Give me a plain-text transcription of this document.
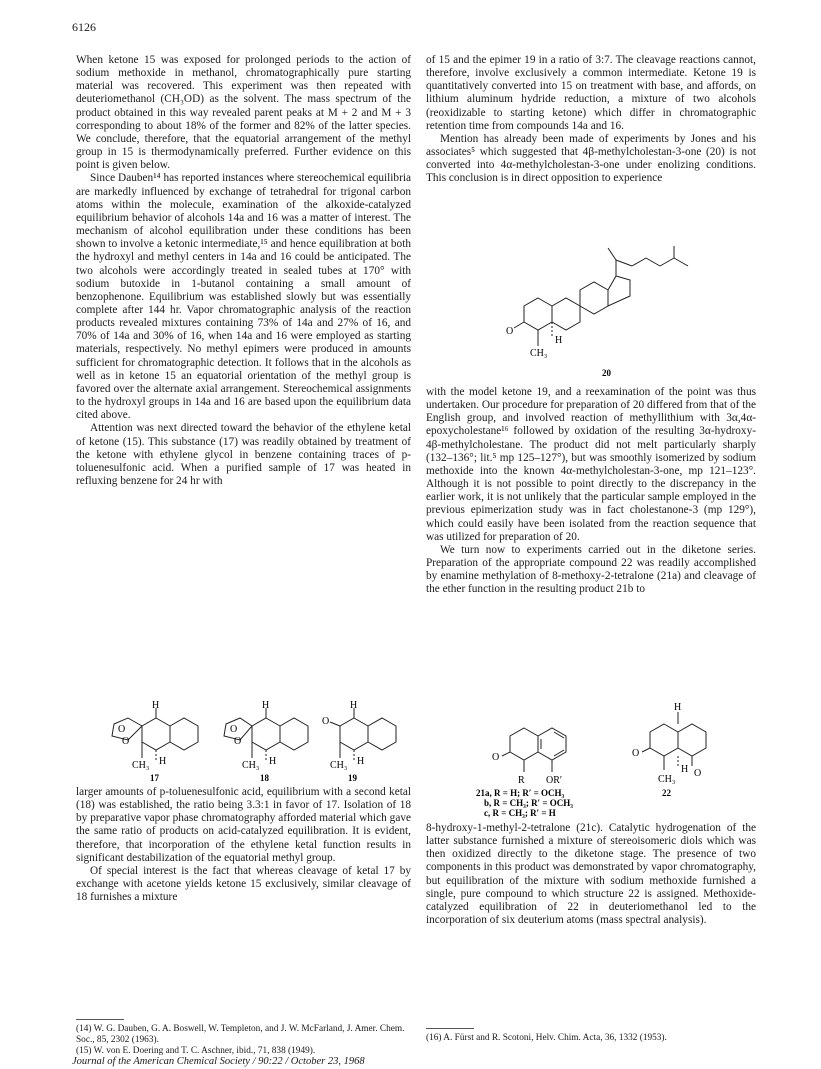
6126

When ketone 15 was exposed for prolonged periods to the action of sodium methoxide in methanol, chromatographically pure starting material was recovered. This experiment was then repeated with deuteriomethanol (CH₃OD) as the solvent. The mass spectrum of the product obtained in this way revealed parent peaks at M + 2 and M + 3 corresponding to about 18% of the former and 82% of the latter species. We conclude, therefore, that the equatorial arrangement of the methyl group in 15 is thermodynamically preferred. Further evidence on this point is given below.

Since Dauben¹⁴ has reported instances where stereochemical equilibria are markedly influenced by exchange of tetrahedral for trigonal carbon atoms within the molecule, examination of the alkoxide-catalyzed equilibrium behavior of alcohols 14a and 16 was a matter of interest. The mechanism of alcohol equilibration under these conditions has been shown to involve a ketonic intermediate,¹⁵ and hence equilibration at both the hydroxyl and methyl centers in 14a and 16 could be anticipated. The two alcohols were accordingly treated in sealed tubes at 170° with sodium butoxide in 1-butanol containing a small amount of benzophenone. Equilibrium was established slowly but was essentially complete after 144 hr. Vapor chromatographic analysis of the reaction products revealed mixtures containing 73% of 14a and 27% of 16, and 70% of 14a and 30% of 16, when 14a and 16 were employed as starting materials, respectively. No methyl epimers were produced in amounts sufficient for chromatographic detection. It follows that in the alcohols as well as in ketone 15 an equatorial orientation of the methyl group is favored over the alternate axial arrangement. Stereochemical assignments to the hydroxyl groups in 14a and 16 are based upon the equilibrium data cited above.

Attention was next directed toward the behavior of the ethylene ketal of ketone (15). This substance (17) was readily obtained by treatment of the ketone with ethylene glycol in benzene containing traces of p-toluenesulfonic acid. When a purified sample of 17 was heated in refluxing benzene for 24 hr with

H
H
CH₃
O
O
17
H
H
CH₃
O
O
18
H
H
CH₃
O
19

larger amounts of p-toluenesulfonic acid, equilibrium with a second ketal (18) was established, the ratio being 3.3:1 in favor of 17. Isolation of 18 by preparative vapor phase chromatography afforded material which gave the same ratio of products on acid-catalyzed equilibration. It is evident, therefore, that incorporation of the ethylene ketal function results in significant destabilization of the equatorial methyl group.

Of special interest is the fact that whereas cleavage of ketal 17 by exchange with acetone yields ketone 15 exclusively, similar cleavage of 18 furnishes a mixture

(14) W. G. Dauben, G. A. Boswell, W. Templeton, and J. W. McFarland, J. Amer. Chem. Soc., 85, 2302 (1963).
(15) W. von E. Doering and T. C. Aschner, ibid., 71, 838 (1949).

of 15 and the epimer 19 in a ratio of 3:7. The cleavage reactions cannot, therefore, involve exclusively a common intermediate. Ketone 19 is quantitatively converted into 15 on treatment with base, and affords, on lithium aluminum hydride reduction, a mixture of two alcohols (reoxidizable to starting ketone) which differ in chromatographic retention time from compounds 14a and 16.

Mention has already been made of experiments by Jones and his associates⁵ which suggested that 4β-methylcholestan-3-one (20) is not converted into 4α-methylcholestan-3-one under enolizing conditions. This conclusion is in direct opposition to experience

O
H
CH₃
20

with the model ketone 19, and a reexamination of the point was thus undertaken. Our procedure for preparation of 20 differed from that of the English group, and involved reaction of methyllithium with 3α,4α-epoxycholestane¹⁶ followed by oxidation of the resulting 3α-hydroxy-4β-methylcholestane. The product did not melt particularly sharply (132–136°; lit.⁵ mp 125–127°), but was smoothly isomerized by sodium methoxide into the known 4α-methylcholestan-3-one, mp 121–123°. Although it is not possible to point directly to the discrepancy in the earlier work, it is not unlikely that the particular sample employed in the previous epimerization study was in fact cholestanone-3 (mp 129°), which could easily have been isolated from the reaction sequence that was utilized for preparation of 20.

We turn now to experiments carried out in the diketone series. Preparation of the appropriate compound 22 was readily accomplished by enamine methylation of 8-methoxy-2-tetralone (21a) and cleavage of the ether function in the resulting product 21b to

O
R OR′
21a, R = H; R′ = OCH₃
b, R = CH₃; R′ = OCH₃
c, R = CH₃; R′ = H
H
O
H O
CH₃
22

8-hydroxy-1-methyl-2-tetralone (21c). Catalytic hydrogenation of the latter substance furnished a mixture of stereoisomeric diols which was then oxidized directly to the diketone stage. The presence of two components in this product was demonstrated by vapor chromatography, but equilibration of the mixture with sodium methoxide furnished a single, pure compound to which structure 22 is assigned. Methoxide-catalyzed equilibration of 22 in deuteriomethanol led to the incorporation of six deuterium atoms (mass spectral analysis).

(16) A. Fürst and R. Scotoni, Helv. Chim. Acta, 36, 1332 (1953).
Journal of the American Chemical Society / 90:22 / October 23, 1968
